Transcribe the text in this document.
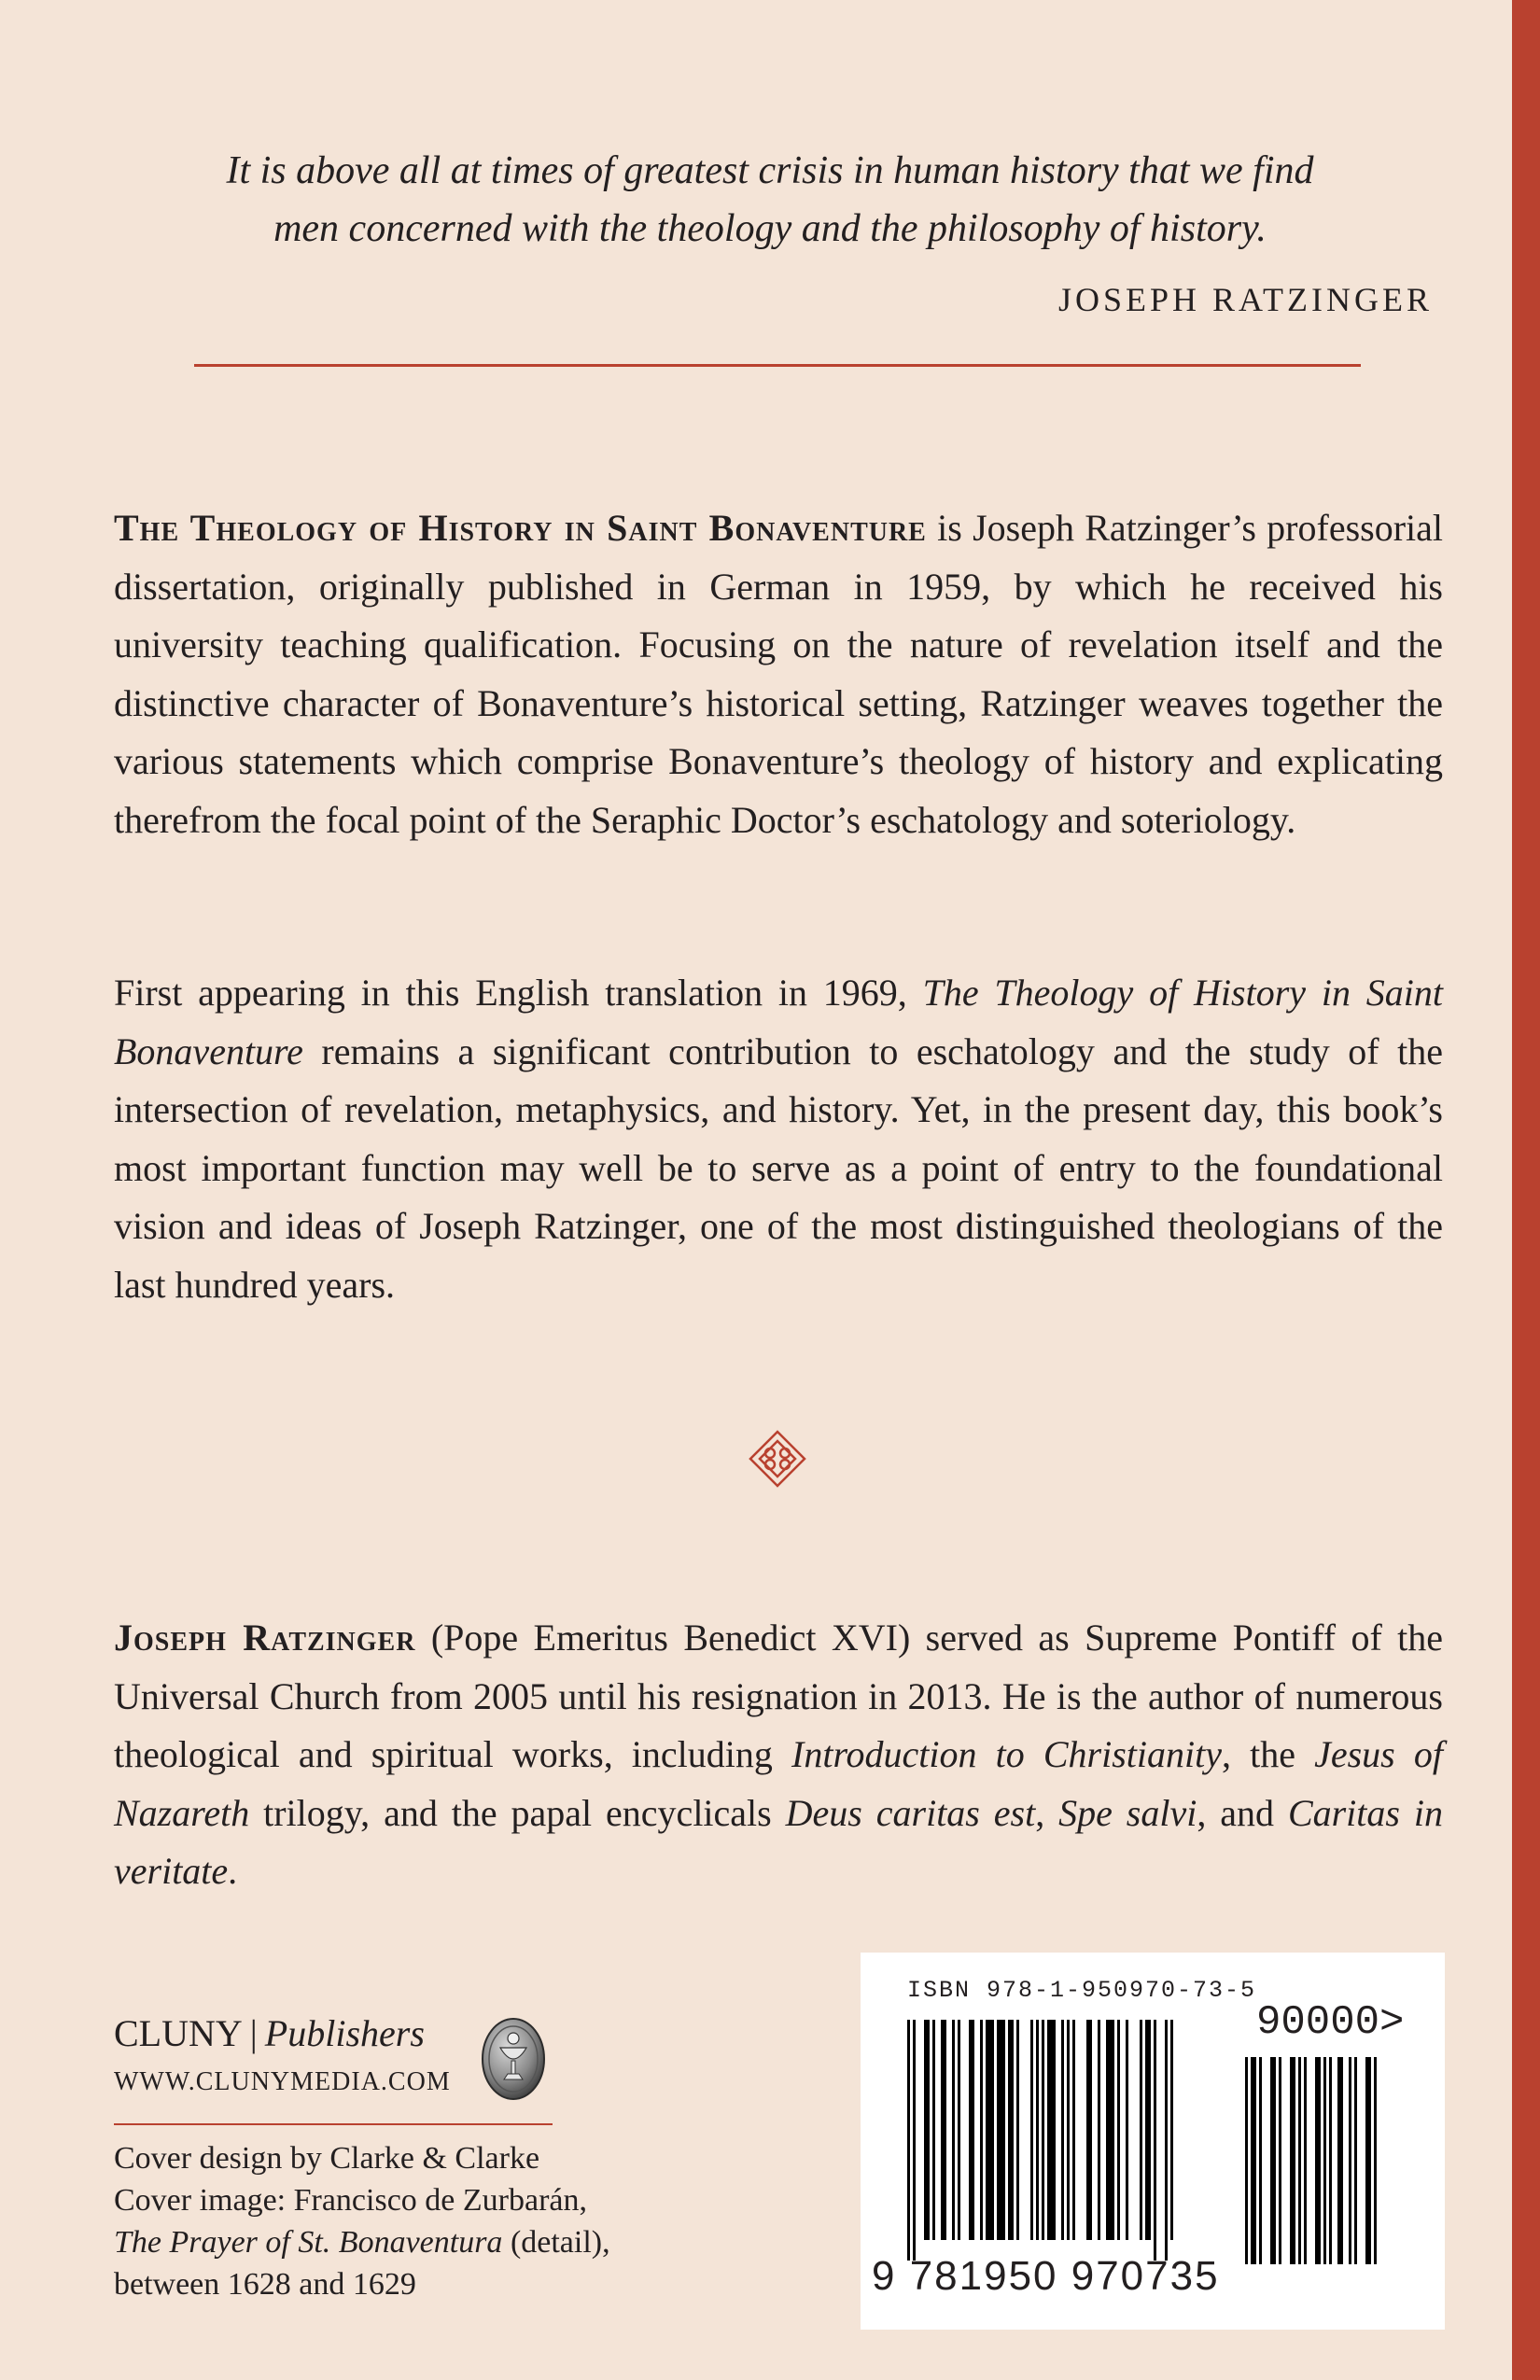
It is above all at times of greatest crisis in human history that we find
men concerned with the theology and the philosophy of history.
JOSEPH RATZINGER

The Theology of History in Saint Bonaventure is Joseph Ratzinger’s professorial dissertation, originally published in German in 1959, by which he received his university teaching qualification. Focusing on the nature of revelation itself and the distinctive character of Bonaventure’s historical setting, Ratzinger weaves together the various statements which comprise Bonaventure’s theology of history and explicating therefrom the focal point of the Seraphic Doctor’s eschatology and soteriology.

First appearing in this English translation in 1969, The Theology of History in Saint Bonaventure remains a significant contribution to eschatology and the study of the intersection of revelation, metaphysics, and history. Yet, in the present day, this book’s most important function may well be to serve as a point of entry to the foundational vision and ideas of Joseph Ratzinger, one of the most distinguished theologians of the last hundred years.

Joseph Ratzinger (Pope Emeritus Benedict XVI) served as Supreme Pontiff of the Universal Church from 2005 until his resignation in 2013. He is the author of numerous theological and spiritual works, including Introduction to Christianity, the Jesus of Nazareth trilogy, and the papal encyclicals Deus caritas est, Spe salvi, and Caritas in veritate.

CLUNY | Publishers
WWW.CLUNYMEDIA.COM
Cover design by Clarke & Clarke
Cover image: Francisco de Zurbarán,
The Prayer of St. Bonaventura (detail),
between 1628 and 1629
ISBN 978-1-950970-73-5
90000>
9 781950 970735
